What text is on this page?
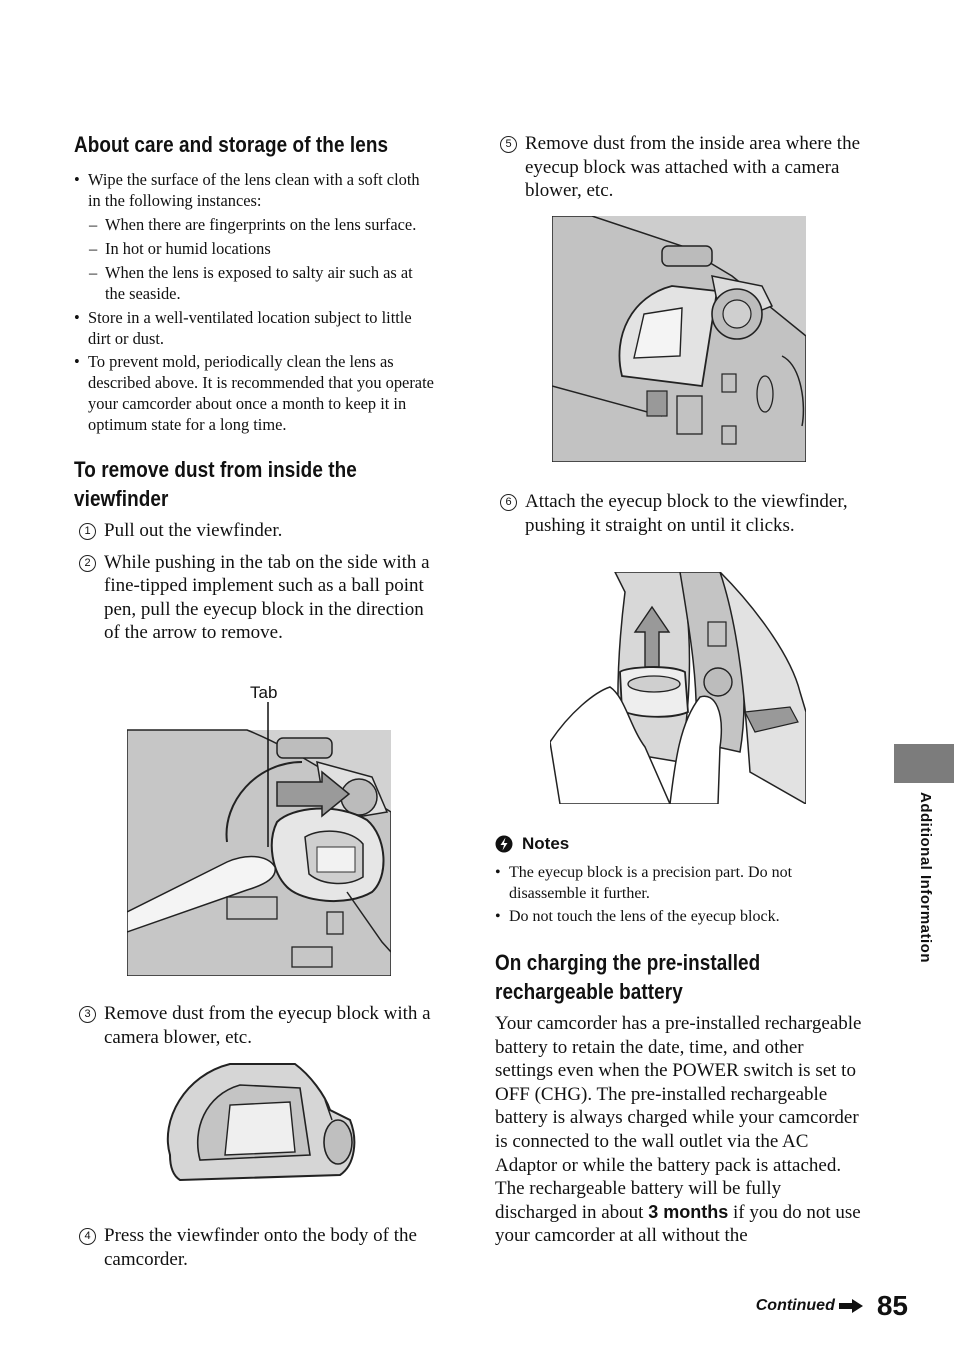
About care and storage of the lens
• Wipe the surface of the lens clean with a soft cloth in the following instances:
– When there are fingerprints on the lens surface.
– In hot or humid locations
– When the lens is exposed to salty air such as at the seaside.
• Store in a well-ventilated location subject to little dirt or dust.
• To prevent mold, periodically clean the lens as described above. It is recommended that you operate your camcorder about once a month to keep it in optimum state for a long time.
To remove dust from inside the
viewfinder
1 Pull out the viewfinder.
2 While pushing in the tab on the side with a fine-tipped implement such as a ball point pen, pull the eyecup block in the direction of the arrow to remove.
Tab
3 Remove dust from the eyecup block with a camera blower, etc.
4 Press the viewfinder onto the body of the camcorder.
5 Remove dust from the inside area where the eyecup block was attached with a camera blower, etc.
6 Attach the eyecup block to the viewfinder, pushing it straight on until it clicks.
Notes
• The eyecup block is a precision part. Do not disassemble it further.
• Do not touch the lens of the eyecup block.
On charging the pre-installed
rechargeable battery

Your camcorder has a pre-installed rechargeable battery to retain the date, time, and other settings even when the POWER switch is set to OFF (CHG). The pre-installed rechargeable battery is always charged while your camcorder is connected to the wall outlet via the AC Adaptor or while the battery pack is attached. The rechargeable battery will be fully discharged in about 3 months if you do not use your camcorder at all without the

Additional Information
Continued 85
